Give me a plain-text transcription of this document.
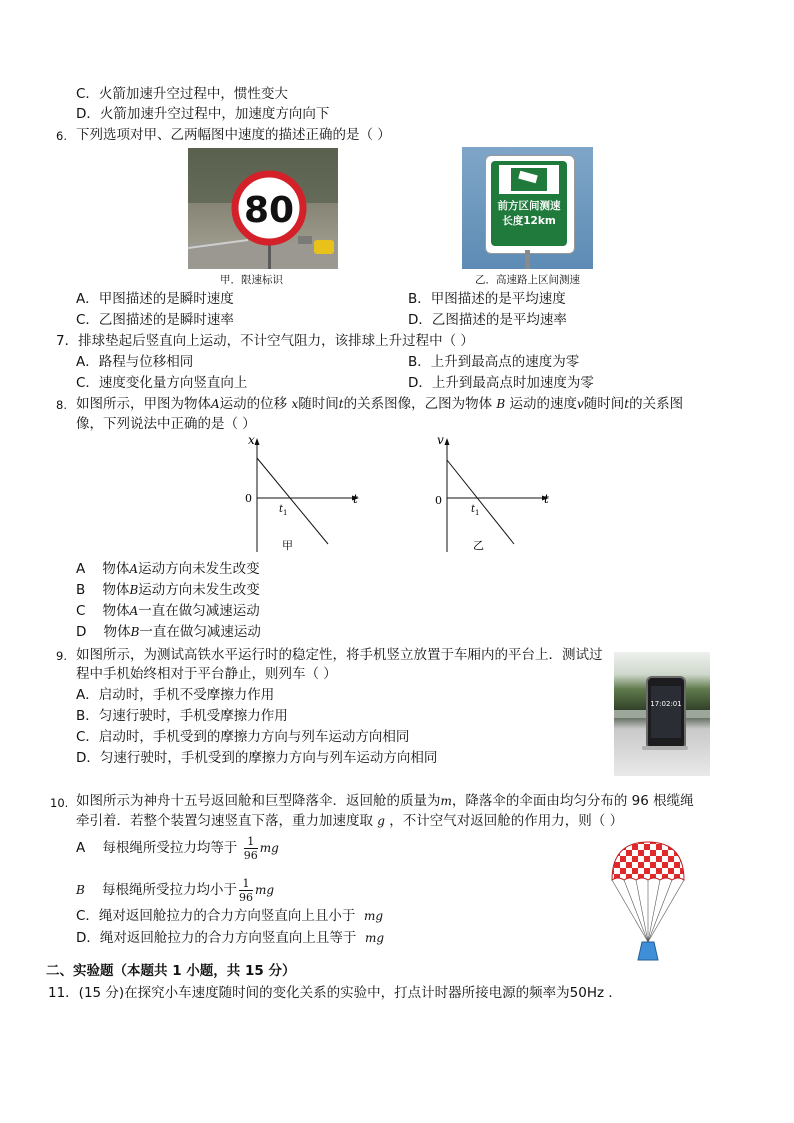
C．火箭加速升空过程中，惯性变大
D．火箭加速升空过程中，加速度方向向下
6. 下列选项对甲、乙两幅图中速度的描述正确的是（ ）
80
甲．限速标识
前方区间测速
长度12km
乙．高速路上区间测速
A．甲图描述的是瞬时速度	B．甲图描述的是平均速度
C．乙图描述的是瞬时速率	D．乙图描述的是平均速率
7．排球垫起后竖直向上运动，不计空气阻力，该排球上升过程中（ ）
A．路程与位移相同	B．上升到最高点的速度为零
C．速度变化量方向竖直向上	D．上升到最高点时加速度为零
8. 如图所示，甲图为物体A运动的位移 x随时间t的关系图像，乙图为物体 B 运动的速度v随时间t的关系图
像，下列说法中正确的是（ ）
x
t
0
t 1
甲
v
t
0
t 1
乙
A 物体A运动方向未发生改变
B 物体B运动方向未发生改变
C 物体A一直在做匀减速运动
D 物体B一直在做匀减速运动
9. 如图所示，为测试高铁水平运行时的稳定性，将手机竖立放置于车厢内的平台上．测试过
程中手机始终相对于平台静止，则列车（ ）
17:02:01
A．启动时，手机不受摩擦力作用
B．匀速行驶时，手机受摩擦力作用
C．启动时，手机受到的摩擦力方向与列车运动方向相同
D．匀速行驶时，手机受到的摩擦力方向与列车运动方向相同
10. 如图所示为神舟十五号返回舱和巨型降落伞．返回舱的质量为m，降落伞的伞面由均匀分布的 96 根缆绳
牵引着．若整个装置匀速竖直下落，重力加速度取 g ，不计空气对返回舱的作用力，则（ ）
A 每根绳所受拉力均等于 $\frac{1}{96}$ mg
B 每根绳所受拉力均小于 $\frac{1}{96}$ mg
C．绳对返回舱拉力的合力方向竖直向上且小于 mg
D．绳对返回舱拉力的合力方向竖直向上且等于 mg
二、实验题（本题共 1 小题，共 15 分）
11．(15 分)在探究小车速度随时间的变化关系的实验中，打点计时器所接电源的频率为50Hz ．
